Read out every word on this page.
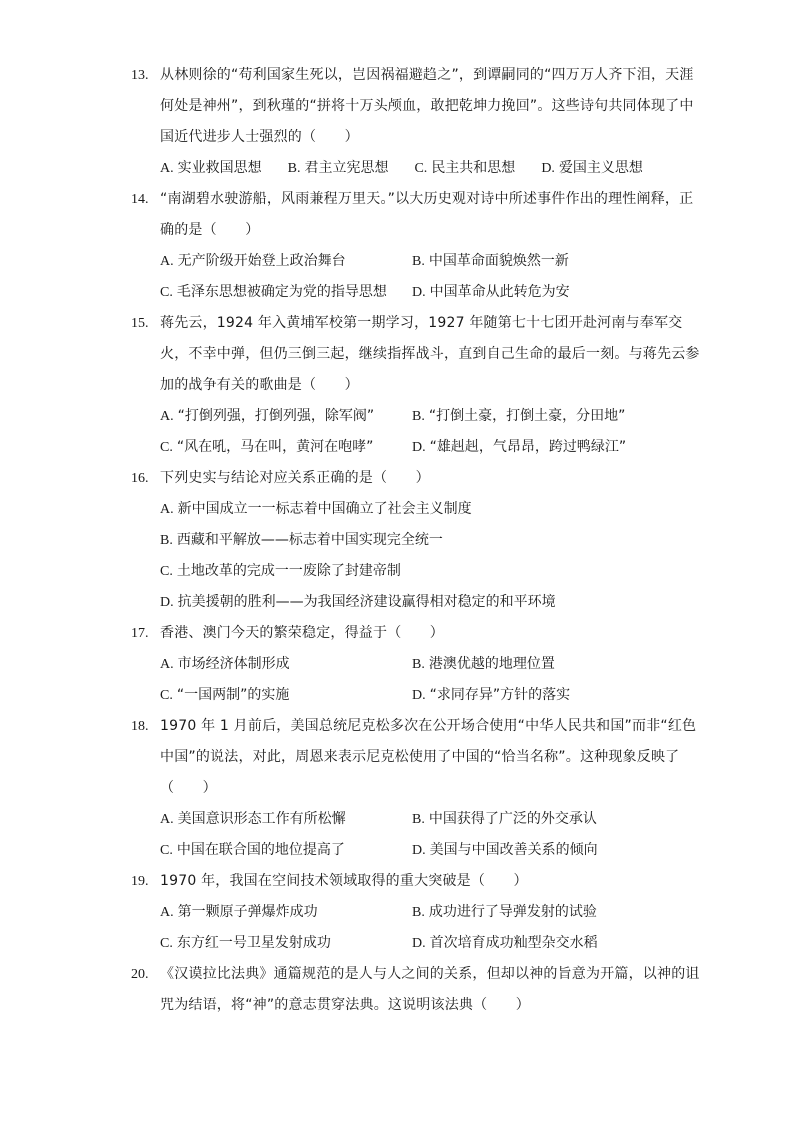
13. 从林则徐的“苟利国家生死以，岂因祸福避趋之”，到谭嗣同的“四万万人齐下泪，天涯何处是神州”，到秋瑾的“拼将十万头颅血，敢把乾坤力挽回”。这些诗句共同体现了中国近代进步人士强烈的（　　）
A. 实业救国思想 B. 君主立宪思想 C. 民主共和思想 D. 爱国主义思想
14. “南湖碧水驶游船，风雨兼程万里天。”以大历史观对诗中所述事件作出的理性阐释，正确的是（　　）
A. 无产阶级开始登上政治舞台	B. 中国革命面貌焕然一新
C. 毛泽东思想被确定为党的指导思想	D. 中国革命从此转危为安
15. 蒋先云，1924 年入黄埔军校第一期学习，1927 年随第七十七团开赴河南与奉军交火，不幸中弹，但仍三倒三起，继续指挥战斗，直到自己生命的最后一刻。与蒋先云参加的战争有关的歌曲是（　　）
A. “打倒列强，打倒列强，除军阀”	B. “打倒土豪，打倒土豪，分田地”
C. “风在吼，马在叫，黄河在咆哮”	D. “雄赳赳，气昂昂，跨过鸭绿江”
16. 下列史实与结论对应关系正确的是（　　）
A. 新中国成立一一标志着中国确立了社会主义制度
B. 西藏和平解放——标志着中国实现完全统一
C. 土地改革的完成一一废除了封建帝制
D. 抗美援朝的胜利——为我国经济建设赢得相对稳定的和平环境
17. 香港、澳门今天的繁荣稳定，得益于（　　）
A. 市场经济体制形成	B. 港澳优越的地理位置
C. “一国两制”的实施	D. “求同存异”方针的落实
18. 1970 年 1 月前后，美国总统尼克松多次在公开场合使用“中华人民共和国”而非“红色中国”的说法，对此，周恩来表示尼克松使用了中国的“恰当名称”。这种现象反映了（　　）
A. 美国意识形态工作有所松懈	B. 中国获得了广泛的外交承认
C. 中国在联合国的地位提高了	D. 美国与中国改善关系的倾向
19. 1970 年，我国在空间技术领域取得的重大突破是（　　）
A. 第一颗原子弹爆炸成功	B. 成功进行了导弹发射的试验
C. 东方红一号卫星发射成功	D. 首次培育成功籼型杂交水稻
20. 《汉谟拉比法典》通篇规范的是人与人之间的关系，但却以神的旨意为开篇，以神的诅咒为结语，将“神”的意志贯穿法典。这说明该法典（　　）
